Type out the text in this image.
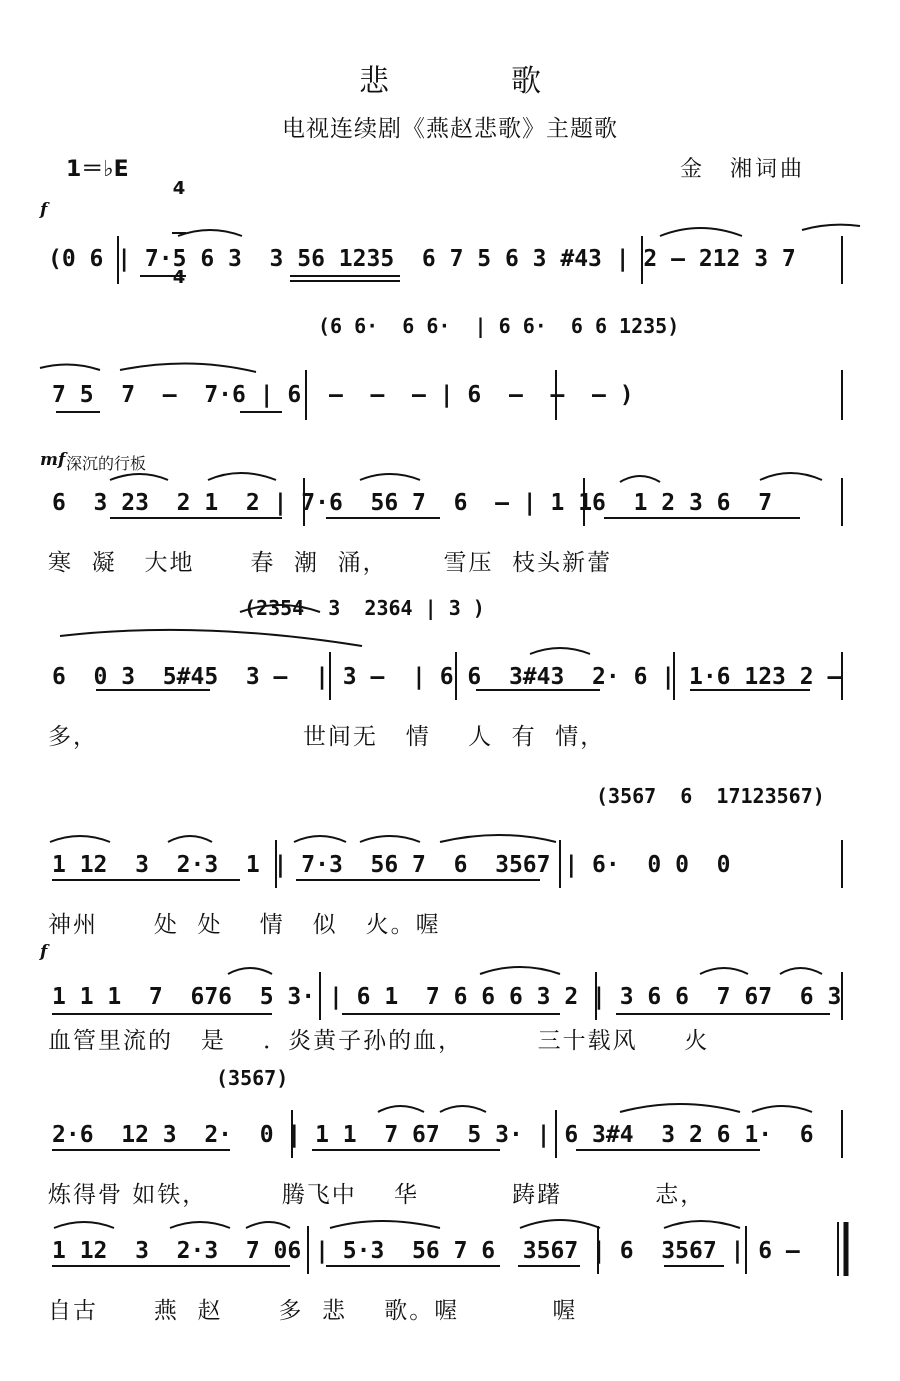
悲　歌
电视连续剧《燕赵悲歌》主题歌
1＝♭E

4

4

金　湘词曲
f
mf 深沉的行板
f
(0 6 | 7·5 6 3  3 56 1235  6 7 5 6 3 #43 | 2 – 212 3 7
(6 6·  6 6·  | 6 6·  6 6 1235)
7 5  7  –  7·6 | 6  –  –  – | 6  –  –  – )
6  3 23  2 1  2 | 7·6  56 7  6  – | 1 16  1 2 3 6  7
寒  凝   大地      春  潮  涌，      雪压  枝头新蕾
(2354  3  2364 | 3 )
6  0 3  5#45  3 –  | 3 –  | 6 6  3#43  2· 6 | 1·6 123 2 –
多，                      世间无   情    人  有  情，
(3567  6  17123567)
1 12  3  2·3  1 | 7·3  56 7  6  3567 | 6·  0 0  0
神州      处  处    情   似   火。喔
1 1 1  7  676  5 3· | 6 1  7 6 6 6 3 2 | 3 6 6  7 67  6 3
血管里流的   是    ．炎黄子孙的血，        三十载风     火
(3567)
2·6  12 3  2·  0 | 1 1  7 67  5 3· | 6 3#4  3 2 6 1·  6
炼得骨 如铁，        腾飞中    华          踌躇          志，
1 12  3  2·3  7 06 | 5·3  56 7 6  3567 | 6  3567 | 6 –
自古      燕  赵      多  悲    歌。喔          喔
